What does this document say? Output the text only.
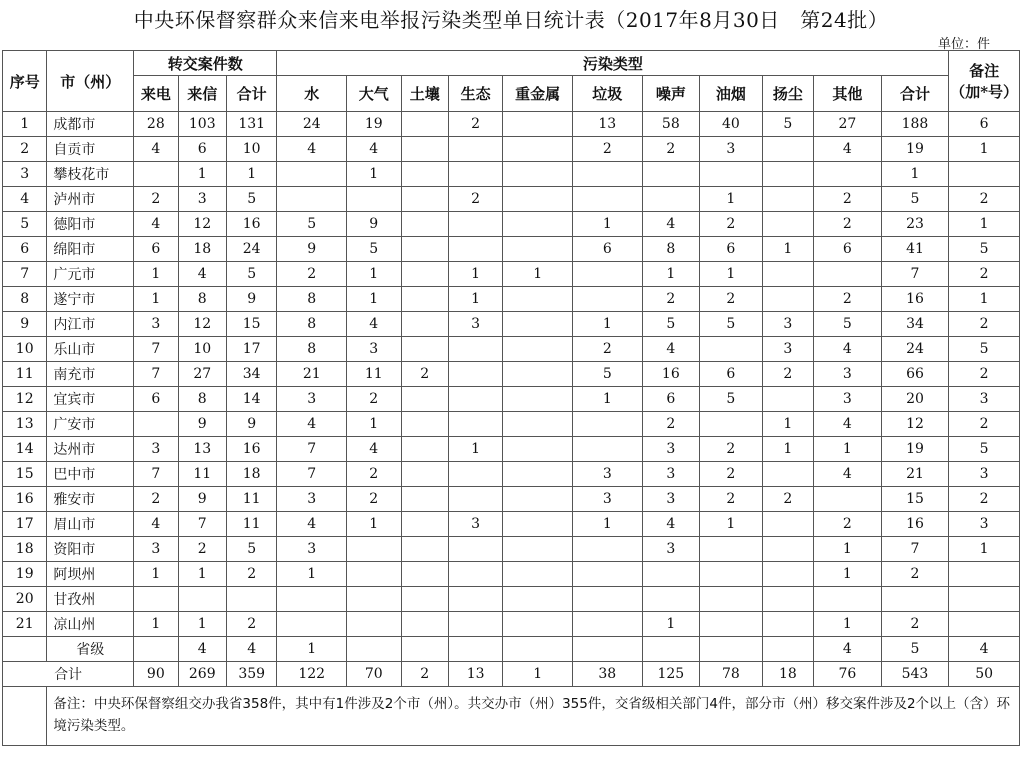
中央环保督察群众来信来电举报污染类型单日统计表（2017年8月30日　第24批）
单位：件
序号	市（州）	转交案件数			污染类型											备注
（加*号）

		来电	来信	合计	水	大气	土壤	生态	重金属	垃圾	噪声	油烟	扬尘	其他	合计	
1	成都市	28	103	131	24	19		2		13	58	40	5	27	188	6
2	自贡市	4	6	10	4	4				2	2	3		4	19	1
3	攀枝花市		1	1		1									1	
4	泸州市	2	3	5				2				1		2	5	2
5	德阳市	4	12	16	5	9				1	4	2		2	23	1
6	绵阳市	6	18	24	9	5				6	8	6	1	6	41	5
7	广元市	1	4	5	2	1		1	1		1	1			7	2
8	遂宁市	1	8	9	8	1		1			2	2		2	16	1
9	内江市	3	12	15	8	4		3		1	5	5	3	5	34	2
10	乐山市	7	10	17	8	3				2	4		3	4	24	5
11	南充市	7	27	34	21	11	2			5	16	6	2	3	66	2
12	宜宾市	6	8	14	3	2				1	6	5		3	20	3
13	广安市		9	9	4	1					2		1	4	12	2
14	达州市	3	13	16	7	4		1			3	2	1	1	19	5
15	巴中市	7	11	18	7	2				3	3	2		4	21	3
16	雅安市	2	9	11	3	2				3	3	2	2		15	2
17	眉山市	4	7	11	4	1		3		1	4	1		2	16	3
18	资阳市	3	2	5	3						3			1	7	1
19	阿坝州	1	1	2	1									1	2	
20	甘孜州															
21	凉山州	1	1	2							1			1	2	
	省级		4	4	1									4	5	4
合计		90	269	359	122	70	2	13	1	38	125	78	18	76	543	50
	备注：中央环保督察组交办我省358件，其中有1件涉及2个市（州）。共交办市（州）355件，交省级相关部门4件，部分市（州）移交案件涉及2个以上（含）环境污染类型。															
